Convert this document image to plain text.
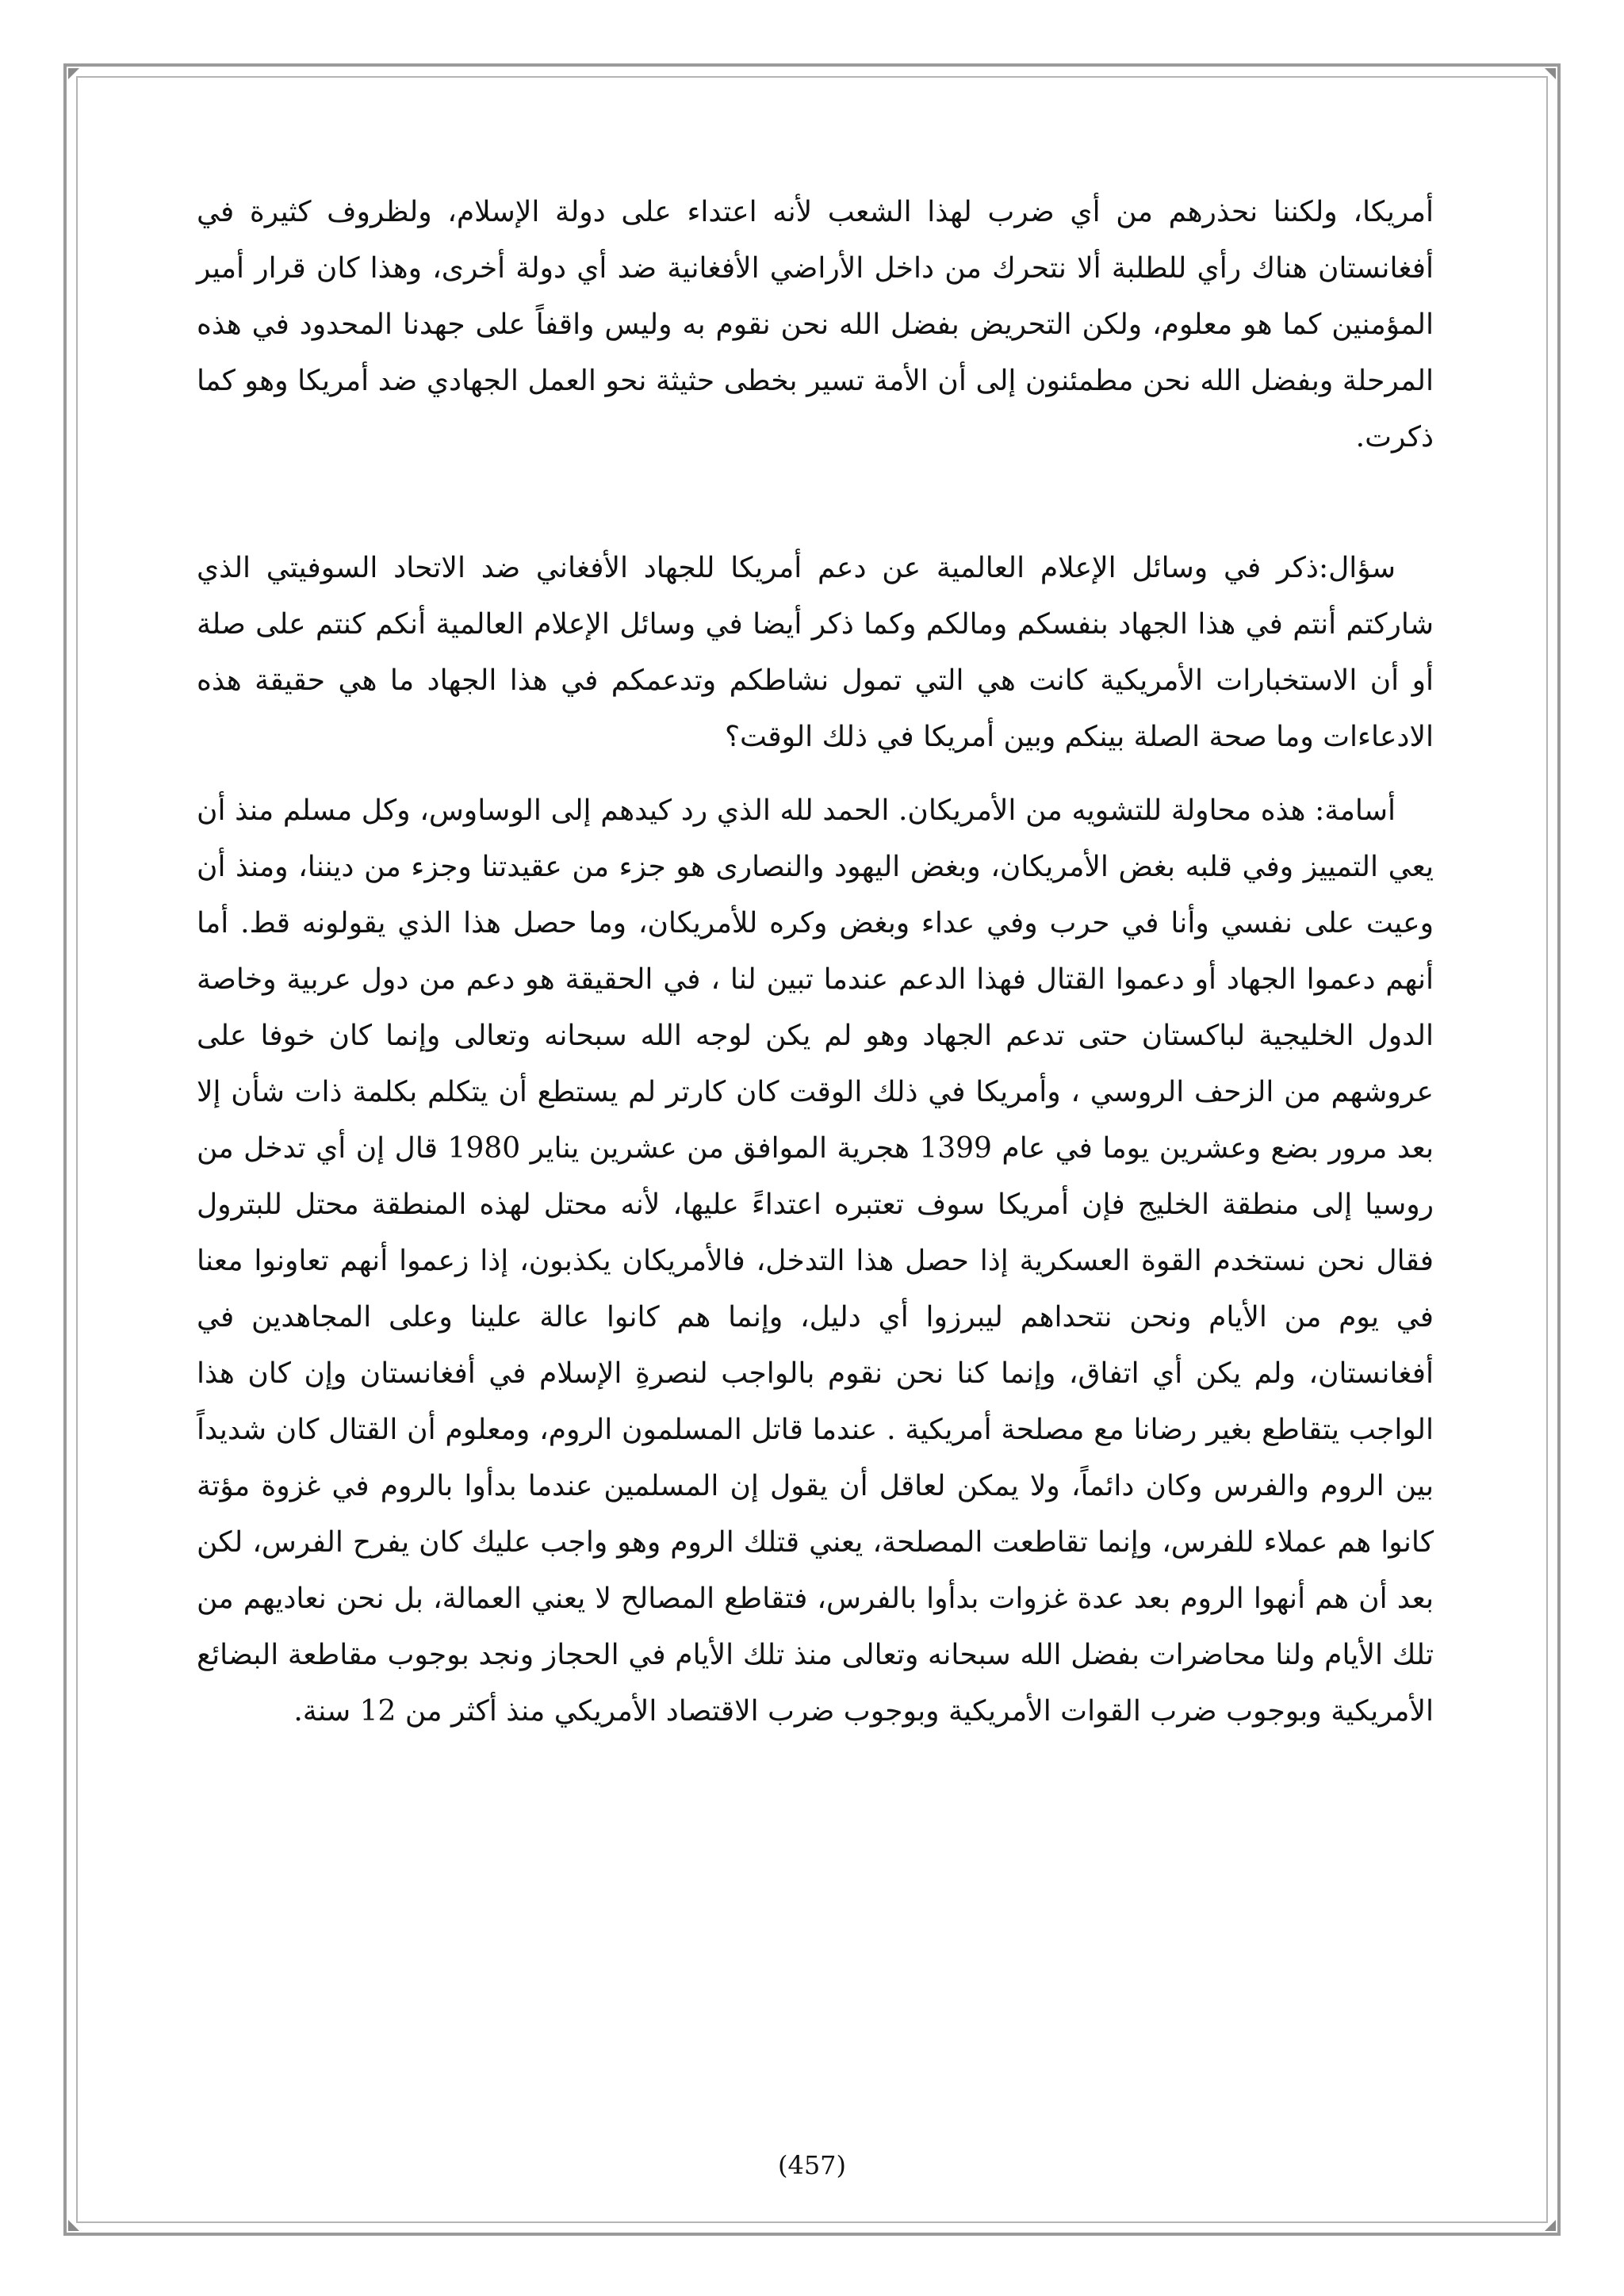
أمريكا، ولكننا نحذرهم من أي ضرب لهذا الشعب لأنه اعتداء على دولة الإسلام، ولظروف كثيرة في أفغانستان هناك رأي للطلبة ألا نتحرك من داخل الأراضي الأفغانية ضد أي دولة أخرى، وهذا كان قرار أمير المؤمنين كما هو معلوم، ولكن التحريض بفضل الله نحن نقوم به وليس واقفاً على جهدنا المحدود في هذه المرحلة وبفضل الله نحن مطمئنون إلى أن الأمة تسير بخطى حثيثة نحو العمل الجهادي ضد أمريكا وهو كما ذكرت.

سؤال:ذكر في وسائل الإعلام العالمية عن دعم أمريكا للجهاد الأفغاني ضد الاتحاد السوفيتي الذي شاركتم أنتم في هذا الجهاد بنفسكم ومالكم وكما ذكر أيضا في وسائل الإعلام العالمية أنكم كنتم على صلة أو أن الاستخبارات الأمريكية كانت هي التي تمول نشاطكم وتدعمكم في هذا الجهاد ما هي حقيقة هذه الادعاءات وما صحة الصلة بينكم وبين أمريكا في ذلك الوقت؟

أسامة: هذه محاولة للتشويه من الأمريكان. الحمد لله الذي رد كيدهم إلى الوساوس، وكل مسلم منذ أن يعي التمييز وفي قلبه بغض الأمريكان، وبغض اليهود والنصارى هو جزء من عقيدتنا وجزء من ديننا، ومنذ أن وعيت على نفسي وأنا في حرب وفي عداء وبغض وكره للأمريكان، وما حصل هذا الذي يقولونه قط. أما أنهم دعموا الجهاد أو دعموا القتال فهذا الدعم عندما تبين لنا ، في الحقيقة هو دعم من دول عربية وخاصة الدول الخليجية لباكستان حتى تدعم الجهاد وهو لم يكن لوجه الله سبحانه وتعالى وإنما كان خوفا على عروشهم من الزحف الروسي ، وأمريكا في ذلك الوقت كان كارتر لم يستطع أن يتكلم بكلمة ذات شأن إلا بعد مرور بضع وعشرين يوما في عام 1399 هجرية الموافق من عشرين يناير 1980 قال إن أي تدخل من روسيا إلى منطقة الخليج فإن أمريكا سوف تعتبره اعتداءً عليها، لأنه محتل لهذه المنطقة محتل للبترول فقال نحن نستخدم القوة العسكرية إذا حصل هذا التدخل، فالأمريكان يكذبون، إذا زعموا أنهم تعاونوا معنا في يوم من الأيام ونحن نتحداهم ليبرزوا أي دليل، وإنما هم كانوا عالة علينا وعلى المجاهدين في أفغانستان، ولم يكن أي اتفاق، وإنما كنا نحن نقوم بالواجب لنصرةِ الإسلام في أفغانستان وإن كان هذا الواجب يتقاطع بغير رضانا مع مصلحة أمريكية . عندما قاتل المسلمون الروم، ومعلوم أن القتال كان شديداً بين الروم والفرس وكان دائماً، ولا يمكن لعاقل أن يقول إن المسلمين عندما بدأوا بالروم في غزوة مؤتة كانوا هم عملاء للفرس، وإنما تقاطعت المصلحة، يعني قتلك الروم وهو واجب عليك كان يفرح الفرس، لكن بعد أن هم أنهوا الروم بعد عدة غزوات بدأوا بالفرس، فتقاطع المصالح لا يعني العمالة، بل نحن نعاديهم من تلك الأيام ولنا محاضرات بفضل الله سبحانه وتعالى منذ تلك الأيام في الحجاز ونجد بوجوب مقاطعة البضائع الأمريكية وبوجوب ضرب القوات الأمريكية وبوجوب ضرب الاقتصاد الأمريكي منذ أكثر من 12 سنة.

(457)
